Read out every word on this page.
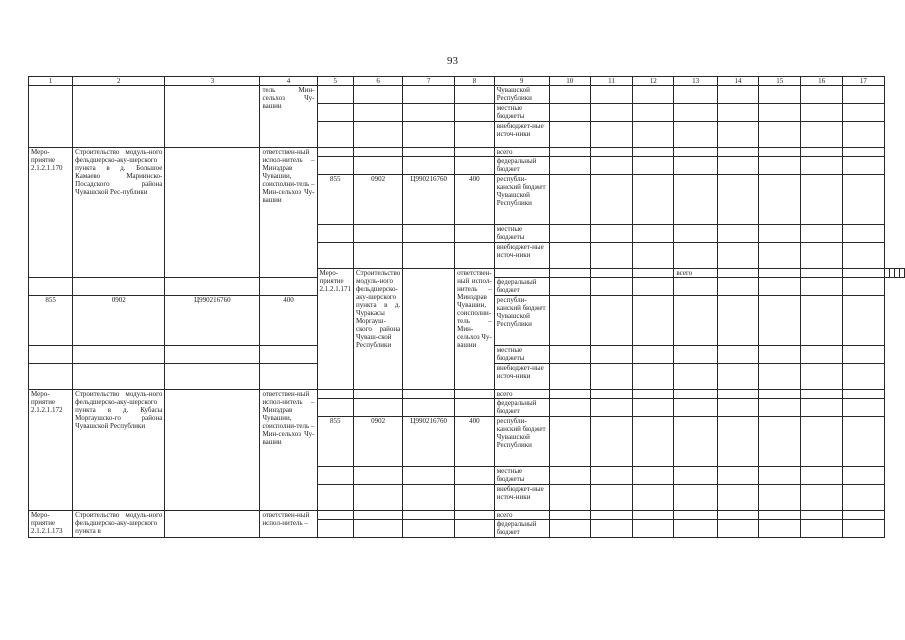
93
1	2	3	4	5	6	7	8	9	10	11	12	13	14	15	16	17				
			тель Мин-сельхоз Чу-вашии					Чувашской Республики												
								местные бюджеты												
								внебюджет-ные источ-ники												
Меро-приятие 2.1.2.1.170	Строительство модуль-ного фельдшерско-аку-шерского пункта в д. Большое Камаево Мариинско-Посадского района Чувашской Рес-публики		ответствен-ный испол-нитель – Минздрав Чувашии, соисполни-тель – Мин-сельхоз Чу-вашии					всего												
								федеральный бюджет												
				855	0902	Ц990216760	400	республи-канский бюджет Чувашской Республики												
								местные бюджеты												
								внебюджет-ные источ-ники												
				Меро-приятие 2.1.2.1.171	Строительство модуль-ного фельдшерско-аку-шерского пункта в д. Чуракасы Моргауш-ского района Чуваш-ской Республики		ответствен-ный испол-нитель – Минздрав Чувашии, соисполни-тель – Мин-сельхоз Чу-вашии					всего								
								федеральный бюджет												
855	0902	Ц990216760	400					республи-канский бюджет Чувашской Республики												
								местные бюджеты												
								внебюджет-ные источ-ники												
Меро-приятие 2.1.2.1.172	Строительство модуль-ного фельдшерско-аку-шерского пункта в д. Кубасы Моргаушско-го района Чувашской Республики		ответствен-ный испол-нитель – Минздрав Чувашии, соисполни-тель – Мин-сельхоз Чу-вашии					всего												
								федеральный бюджет												
				855	0902	Ц990216760	400	республи-канский бюджет Чувашской Республики												
								местные бюджеты												
								внебюджет-ные источ-ники												
Меро-приятие 2.1.2.1.173	Строительство модуль-ного фельдшерско-аку-шерского пункта в		ответствен-ный испол-нитель –					всего												
								федеральный бюджет												
